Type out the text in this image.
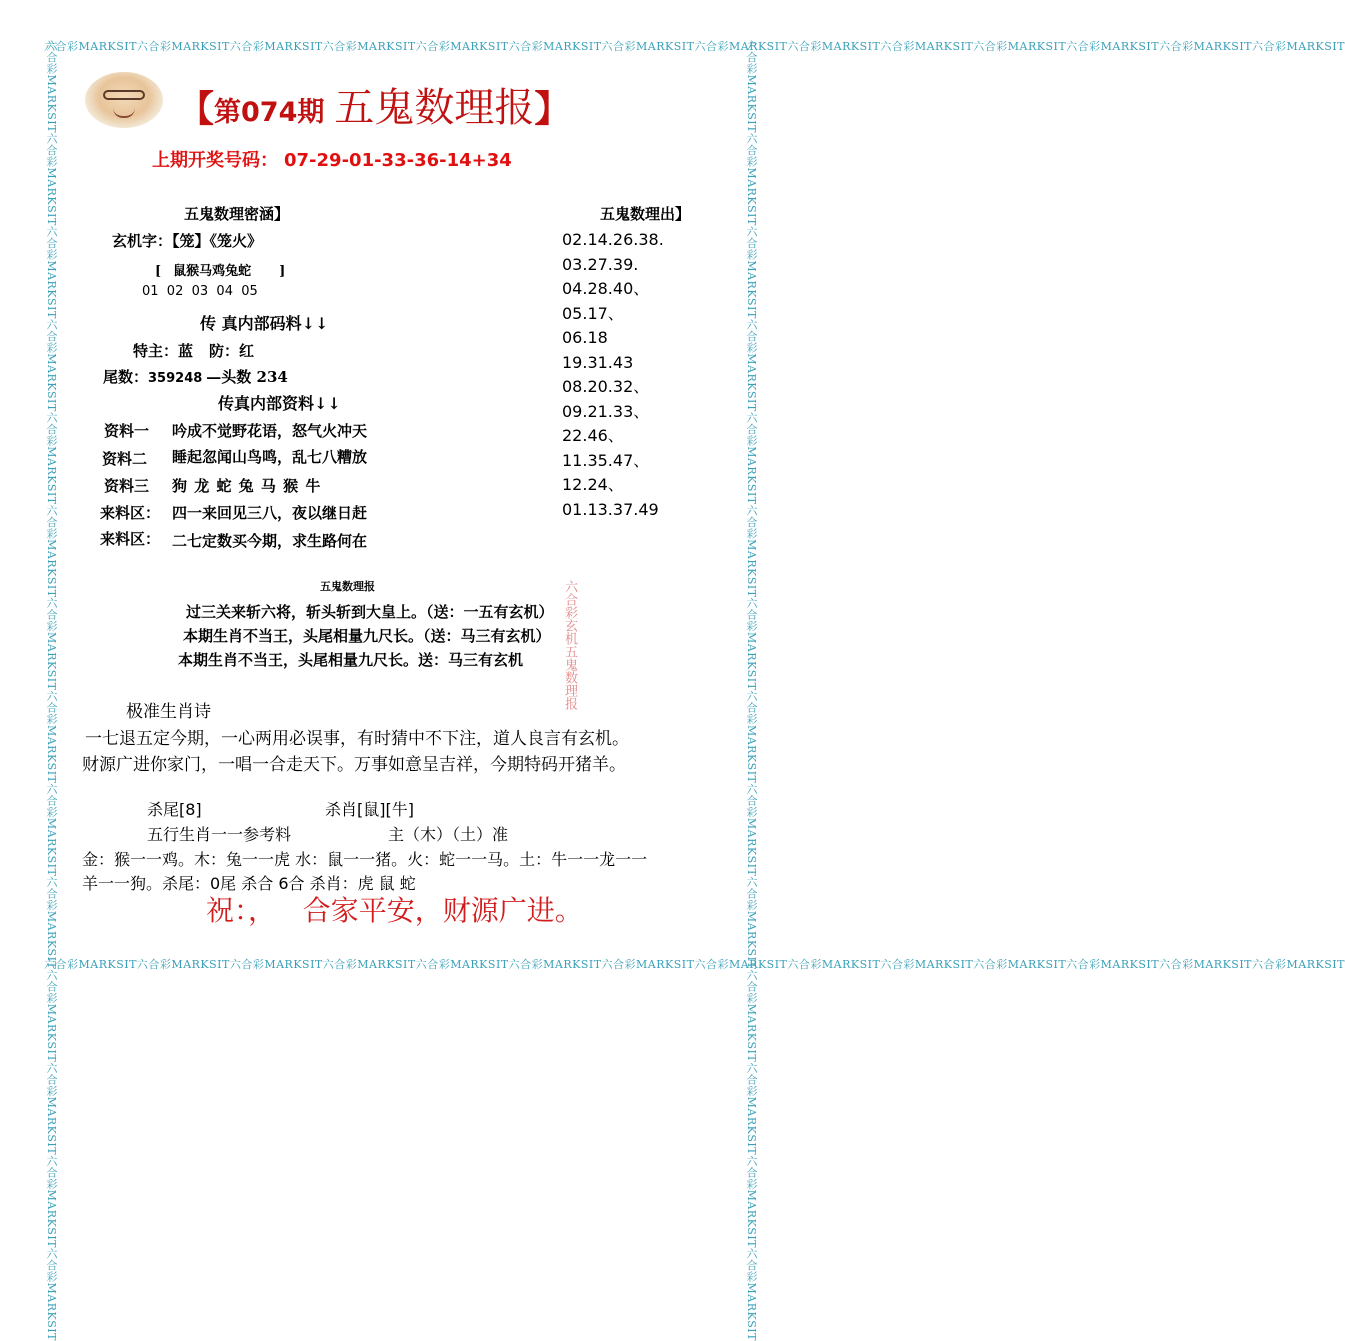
六合彩MARKSIT六合彩MARKSIT六合彩MARKSIT六合彩MARKSIT六合彩MARKSIT六合彩MARKSIT六合彩MARKSIT六合彩MARKSIT六合彩MARKSIT六合彩MARKSIT六合彩MARKSIT六合彩MARKSIT六合彩MARKSIT六合彩MARKSIT
六合彩MARKSIT六合彩MARKSIT六合彩MARKSIT六合彩MARKSIT六合彩MARKSIT六合彩MARKSIT六合彩MARKSIT六合彩MARKSIT六合彩MARKSIT六合彩MARKSIT六合彩MARKSIT六合彩MARKSIT六合彩MARKSIT六合彩MARKSIT
六合彩MARKSIT六合彩MARKSIT六合彩MARKSIT六合彩MARKSIT六合彩MARKSIT六合彩MARKSIT六合彩MARKSIT六合彩MARKSIT六合彩MARKSIT六合彩MARKSIT六合彩MARKSIT六合彩MARKSIT六合彩MARKSIT六合彩MARKSIT	六合彩MARKSIT六合彩MARKSIT六合彩MARKSIT六合彩MARKSIT六合彩MARKSIT六合彩MARKSIT六合彩MARKSIT六合彩MARKSIT六合彩MARKSIT六合彩MARKSIT六合彩MARKSIT六合彩MARKSIT六合彩MARKSIT六合彩MARKSIT
【第074期 五鬼数理报】
上期开奖号码： 07-29-01-33-36-14+34
五鬼数理密涵】
玄机字：【笼】《笼火》
[ 鼠猴马鸡兔蛇 ]
01  02  03  04  05
传 真内部码料↓↓
特主：蓝 防：红
尾数：359248 —头数 234
传真内部资料↓↓
资料一 吟成不觉野花语，怒气火冲天
资料二 睡起忽闻山鸟鸣，乱七八糟放
资料三 狗 龙 蛇 兔 马 猴 牛
来料区： 四一来回见三八，夜以继日赶
来料区： 二七定数买今期，求生路何在
五鬼数理出】
02.14.26.38.
03.27.39.
04.28.40、
05.17、
06.18
19.31.43
08.20.32、
09.21.33、
22.46、
11.35.47、
12.24、
01.13.37.49
六合彩玄机五鬼数理报
五鬼数理报
过三关来斩六将，斩头斩到大皇上。（送：一五有玄机）
本期生肖不当王，头尾相量九尺长。（送：马三有玄机）
本期生肖不当王，头尾相量九尺长。送：马三有玄机
极准生肖诗
一七退五定今期，一心两用必误事，有时猜中不下注，道人良言有玄机。
财源广进你家门，一唱一合走天下。万事如意呈吉祥，今期特码开猪羊。
杀尾[8]	杀肖[鼠][牛]
五行生肖一一参考料	主（木）（土）准
金：猴一一鸡。木：兔一一虎 水：鼠一一猪。火：蛇一一马。土：牛一一龙一一
羊一一狗。杀尾：0尾 杀合 6合 杀肖：虎 鼠 蛇
祝：，   合家平安，财源广进。
